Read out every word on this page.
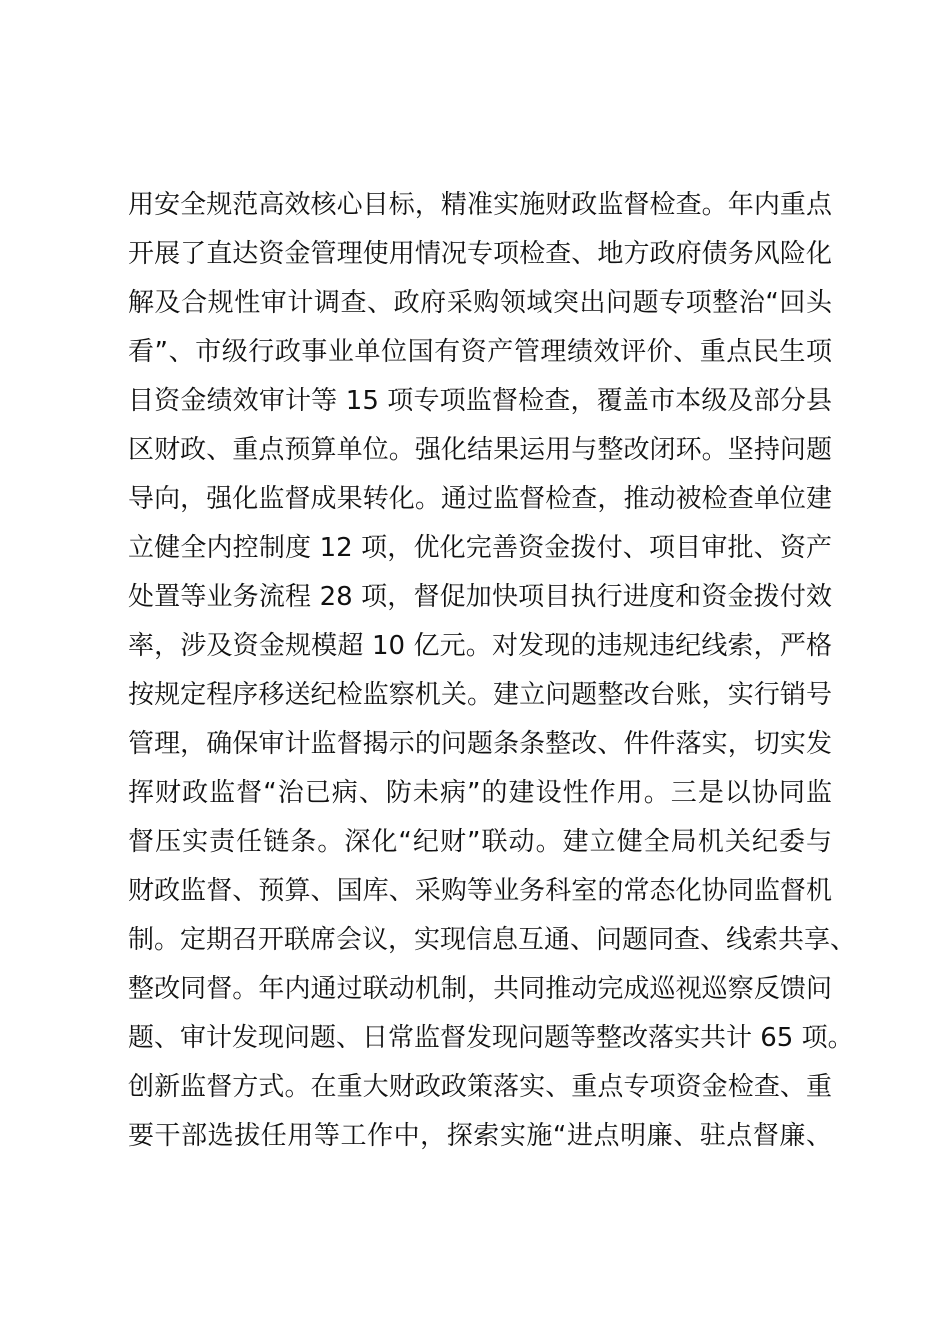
用安全规范高效核心目标，精准实施财政监督检查。年内重点
开展了直达资金管理使用情况专项检查、地方政府债务风险化
解及合规性审计调查、政府采购领域突出问题专项整治“回头
看”、市级行政事业单位国有资产管理绩效评价、重点民生项
目资金绩效审计等 15 项专项监督检查，覆盖市本级及部分县
区财政、重点预算单位。强化结果运用与整改闭环。坚持问题
导向，强化监督成果转化。通过监督检查，推动被检查单位建
立健全内控制度 12 项，优化完善资金拨付、项目审批、资产
处置等业务流程 28 项，督促加快项目执行进度和资金拨付效
率，涉及资金规模超 10 亿元。对发现的违规违纪线索，严格
按规定程序移送纪检监察机关。建立问题整改台账，实行销号
管理，确保审计监督揭示的问题条条整改、件件落实，切实发
挥财政监督“治已病、防未病”的建设性作用。三是以协同监
督压实责任链条。深化“纪财”联动。建立健全局机关纪委与
财政监督、预算、国库、采购等业务科室的常态化协同监督机
制。定期召开联席会议，实现信息互通、问题同查、线索共享、
整改同督。年内通过联动机制，共同推动完成巡视巡察反馈问
题、审计发现问题、日常监督发现问题等整改落实共计 65 项。
创新监督方式。在重大财政政策落实、重点专项资金检查、重
要干部选拔任用等工作中，探索实施“进点明廉、驻点督廉、
